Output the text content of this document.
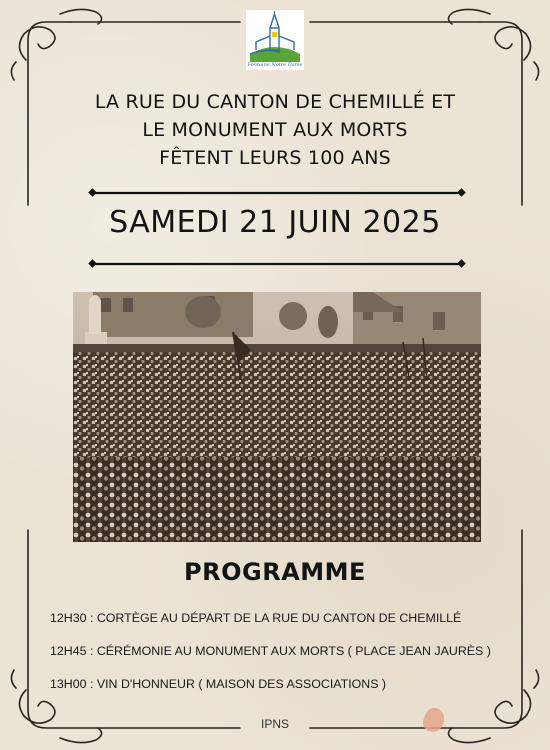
Fontaine Notre Dame
LA RUE DU CANTON DE CHEMILLÉ ET
LE MONUMENT AUX MORTS
FÊTENT LEURS 100 ANS
SAMEDI 21 JUIN 2025
PROGRAMME
12H30 : CORTÈGE AU DÉPART DE LA RUE DU CANTON DE CHEMILLÉ
12H45 : CÉRÉMONIE AU MONUMENT AUX MORTS ( PLACE JEAN JAURÈS )
13H00 : VIN D'HONNEUR ( MAISON DES ASSOCIATIONS )
IPNS
